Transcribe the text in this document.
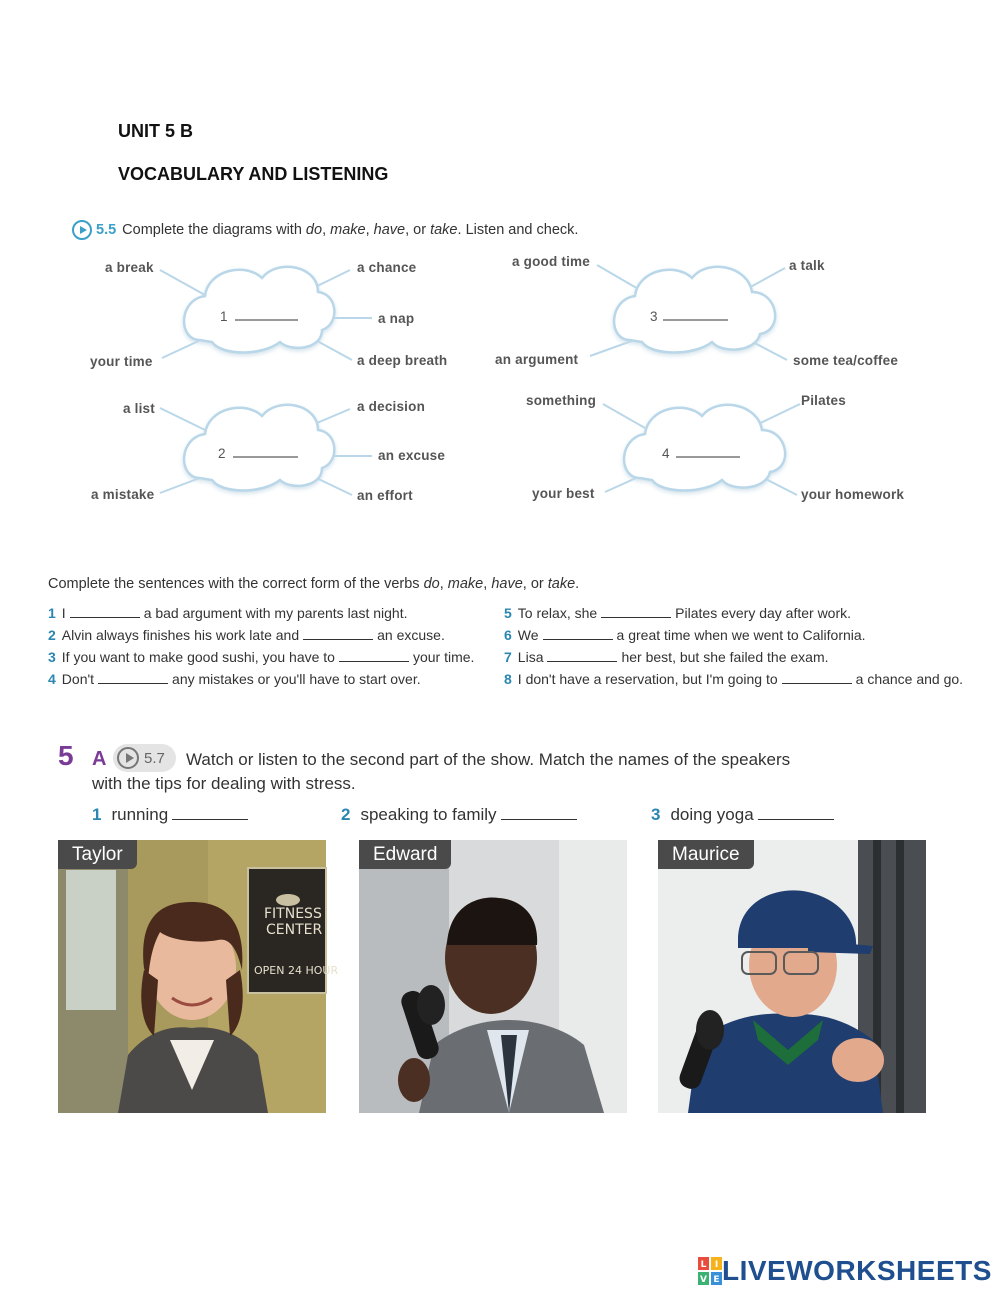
UNIT 5 B
VOCABULARY AND LISTENING
5.5 Complete the diagrams with do, make, have, or take. Listen and check.
1
2
3
4
a break	a chance
a nap
your time	a deep breath
a list	a decision
an excuse
a mistake	an effort
a good time	a talk
an argument	some tea/coffee
something	Pilates
your best	your homework
Complete the sentences with the correct form of the verbs do, make, have, or take.
1 I	a bad argument with my parents last night.
2 Alvin always finishes his work late and	an excuse.
3 If you want to make good sushi, you have to	your time.
4 Don't	any mistakes or you'll have to start over.
5 To relax, she	Pilates every day after work.
6 We	a great time when we went to California.
7 Lisa	her best, but she failed the exam.
8 I don't have a reservation, but I'm going to	a chance and go.
5 A	5.7 Watch or listen to the second part of the show. Match the names of the speakers
with the tips for dealing with stress.
1 running	2 speaking to family	3 doing yoga
FITNESS
CENTER
OPEN 24 HOUR
Taylor	Edward	Maurice
L I
V E LIVEWORKSHEETS
